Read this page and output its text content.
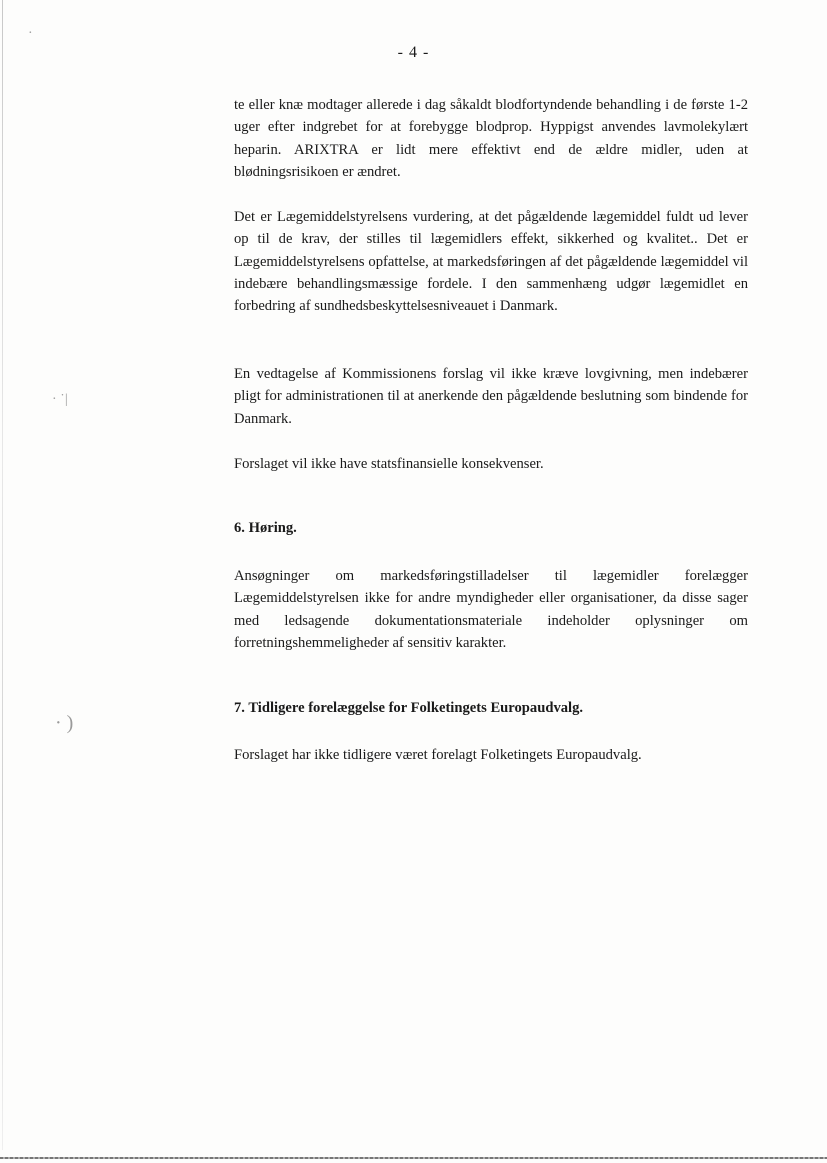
·
· ˙|
· )
- 4 -

te eller knæ modtager allerede i dag såkaldt blodfortyndende behandling i de første 1-2 uger efter indgrebet for at forebygge blodprop. Hyppigst anvendes lavmolekylært heparin. ARIXTRA er lidt mere effektivt end de ældre midler, uden at blødningsrisikoen er ændret.

Det er Lægemiddelstyrelsens vurdering, at det pågældende lægemiddel fuldt ud lever op til de krav, der stilles til lægemidlers effekt, sikkerhed og kvalitet.. Det er Lægemiddelstyrelsens opfattelse, at markedsføringen af det pågældende lægemiddel vil indebære behandlingsmæssige fordele. I den sammenhæng udgør lægemidlet en forbedring af sundhedsbeskyttelsesniveauet i Danmark.

En vedtagelse af Kommissionens forslag vil ikke kræve lovgivning, men indebærer pligt for administrationen til at anerkende den pågældende beslutning som bindende for Danmark.

Forslaget vil ikke have statsfinansielle konsekvenser.

6. Høring.

Ansøgninger om markedsføringstilladelser til lægemidler forelægger Lægemiddelstyrelsen ikke for andre myndigheder eller organisationer, da disse sager med ledsagende dokumentationsmateriale indeholder oplysninger om forretningshemmeligheder af sensitiv karakter.

7. Tidligere forelæggelse for Folketingets Europaudvalg.

Forslaget har ikke tidligere været forelagt Folketingets Europaudvalg.
